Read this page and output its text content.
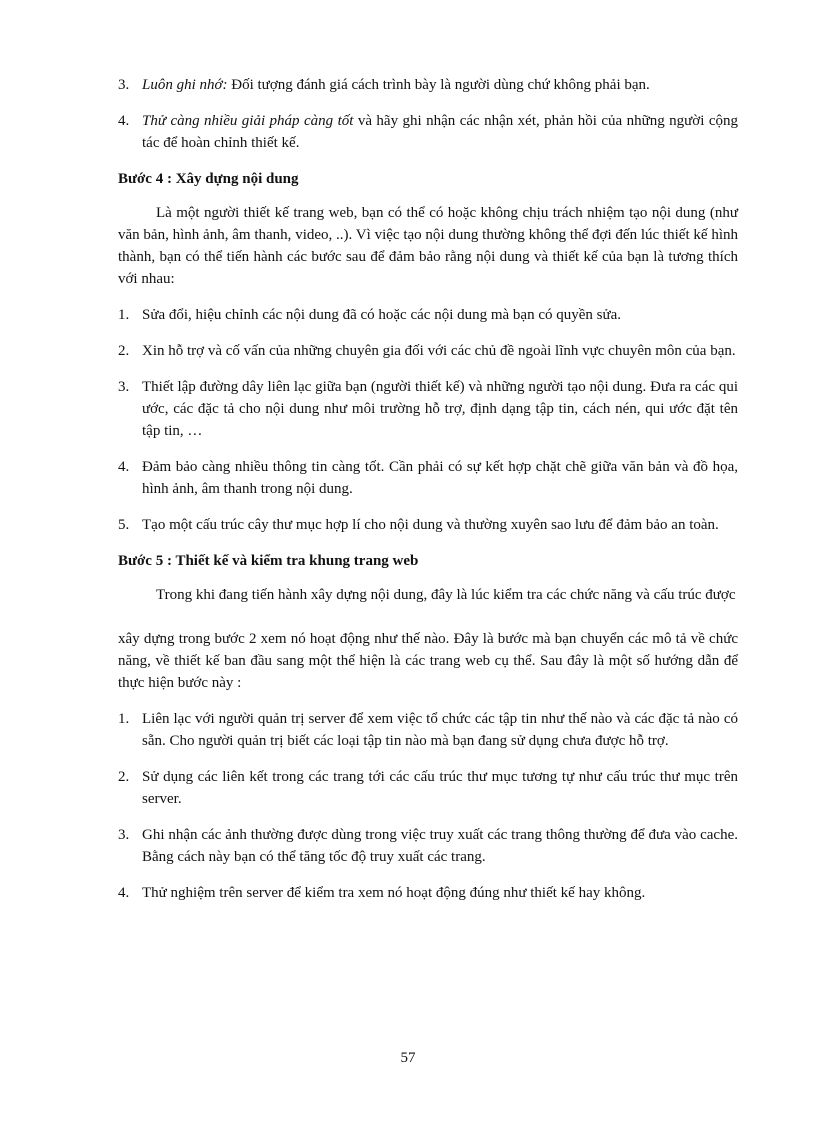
3. Luôn ghi nhớ: Đối tượng đánh giá cách trình bày là người dùng chứ không phải bạn.
4. Thử càng nhiều giải pháp càng tốt và hãy ghi nhận các nhận xét, phản hồi của những người cộng tác để hoàn chỉnh thiết kế.
Bước 4 : Xây dựng nội dung
Là một người thiết kế trang web, bạn có thể có hoặc không chịu trách nhiệm tạo nội dung (như văn bản, hình ảnh, âm thanh, video, ..). Vì việc tạo nội dung thường không thể đợi đến lúc thiết kế hình thành, bạn có thể tiến hành các bước sau để đảm bảo rằng nội dung và thiết kế của bạn là tương thích với nhau:
1. Sửa đổi, hiệu chỉnh các nội dung đã có hoặc các nội dung mà bạn có quyền sửa.
2. Xin hỗ trợ và cố vấn của những chuyên gia đối với các chủ đề ngoài lĩnh vực chuyên môn của bạn.
3. Thiết lập đường dây liên lạc giữa bạn (người thiết kế) và những người tạo nội dung. Đưa ra các qui ước, các đặc tả cho nội dung như môi trường hỗ trợ, định dạng tập tin, cách nén, qui ước đặt tên tập tin, …
4. Đảm bảo càng nhiều thông tin càng tốt. Cần phải có sự kết hợp chặt chẽ giữa văn bản và đồ họa, hình ảnh, âm thanh trong nội dung.
5. Tạo một cấu trúc cây thư mục hợp lí cho nội dung và thường xuyên sao lưu để đảm bảo an toàn.
Bước 5 : Thiết kế và kiểm tra khung trang web
Trong khi đang tiến hành xây dựng nội dung, đây là lúc kiểm tra các chức năng và cấu trúc được
xây dựng trong bước 2 xem nó hoạt động như thế nào. Đây là bước mà bạn chuyển các mô tả về chức năng, về thiết kế ban đầu sang một thể hiện là các trang web cụ thể. Sau đây là một số hướng dẫn để thực hiện bước này :
1. Liên lạc với người quản trị server để xem việc tổ chức các tập tin như thế nào và các đặc tả nào có sẵn. Cho người quản trị biết các loại tập tin nào mà bạn đang sử dụng chưa được hỗ trợ.
2. Sử dụng các liên kết trong các trang tới các cấu trúc thư mục tương tự như cấu trúc thư mục trên server.
3. Ghi nhận các ảnh thường được dùng trong việc truy xuất các trang thông thường để đưa vào cache. Bằng cách này bạn có thể tăng tốc độ truy xuất các trang.
4. Thử nghiệm trên server để kiểm tra xem nó hoạt động đúng như thiết kế hay không.
57
